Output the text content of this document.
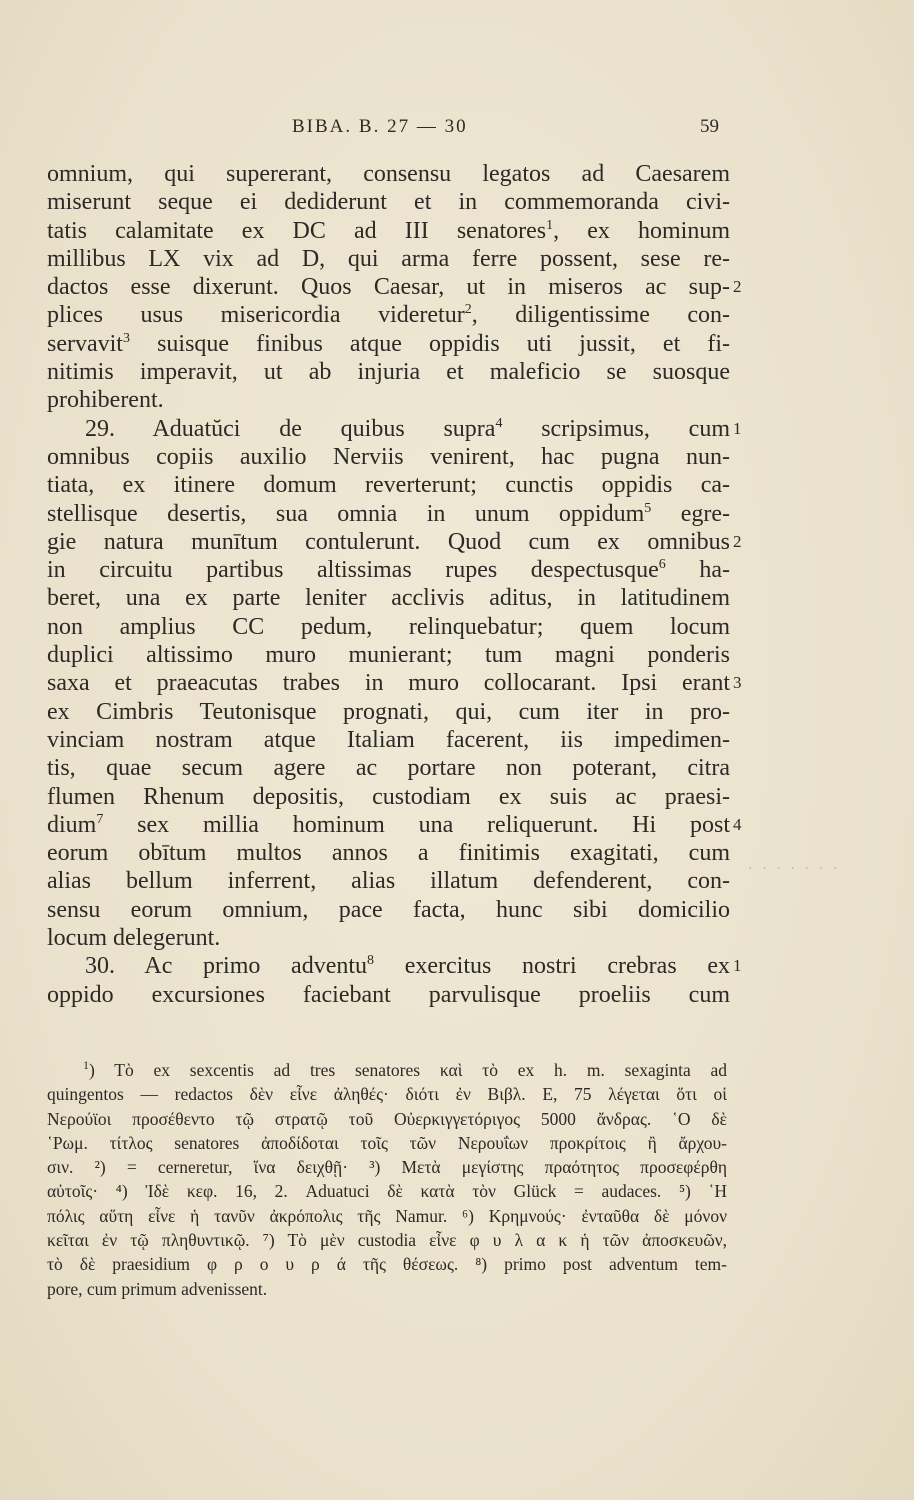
BIBA. B. 27 — 30	59
omnium, qui supererant, consensu legatos ad Caesarem
miserunt seque ei dediderunt et in commemoranda civi-
tatis calamitate ex DC ad III senatores$^1$, ex hominum
millibus LX vix ad D, qui arma ferre possent, sese re-
dactos esse dixerunt. Quos Caesar, ut in miseros ac sup- 2
plices usus misericordia videretur$^2$, diligentissime con-
servavit$^3$ suisque finibus atque oppidis uti jussit, et fi-
nitimis imperavit, ut ab injuria et maleficio se suosque
prohiberent.
29. Aduatŭci de quibus supra$^4$ scripsimus, cum 1
omnibus copiis auxilio Nerviis venirent, hac pugna nun-
tiata, ex itinere domum reverterunt; cunctis oppidis ca-
stellisque desertis, sua omnia in unum oppidum$^5$ egre-
gie natura munītum contulerunt. Quod cum ex omnibus 2
in circuitu partibus altissimas rupes despectusque$^6$ ha-
beret, una ex parte leniter acclivis aditus, in latitudinem
non amplius CC pedum, relinquebatur; quem locum
duplici altissimo muro munierant; tum magni ponderis
saxa et praeacutas trabes in muro collocarant. Ipsi erant 3
ex Cimbris Teutonisque prognati, qui, cum iter in pro-
vinciam nostram atque Italiam facerent, iis impedimen-
tis, quae secum agere ac portare non poterant, citra
flumen Rhenum depositis, custodiam ex suis ac praesi-
dium$^7$ sex millia hominum una reliquerunt. Hi post 4
eorum obītum multos annos a finitimis exagitati, cum
alias bellum inferrent, alias illatum defenderent, con-
sensu eorum omnium, pace facta, hunc sibi domicilio
locum delegerunt.
30. Ac primo adventu$^8$ exercitus nostri crebras ex 1
oppido excursiones faciebant parvulisque proeliis cum
$^1$) Τὸ ex sexcentis ad tres senatores καὶ τὸ ex h. m. sexaginta ad
quingentos — redactos δὲν εἶνε ἀληθές· διότι ἐν Βιβλ. E, 75 λέγεται ὅτι οἱ
Νερούϊοι προσέθεντο τῷ στρατῷ τοῦ Οὐερκιγγετόριγος 5000 ἄνδρας. ῾Ο δὲ
῾Ρωμ. τίτλος senatores ἀποδίδοται τοῖς τῶν Νερουΐων προκρίτοις ἢ ἄρχου-
σιν. ²) = cerneretur, ἵνα δειχθῇ· ³) Μετὰ μεγίστης πραότητος προσεφέρθη
αὐτοῖς· ⁴) Ἰδὲ κεφ. 16, 2. Aduatuci δὲ κατὰ τὸν Glück = audaces. ⁵) ῾Η
πόλις αὕτη εἶνε ἡ τανῦν ἀκρόπολις τῆς Namur. ⁶) Κρημνούς· ἐνταῦθα δὲ μόνον
κεῖται ἐν τῷ πληθυντικῷ. ⁷) Τὸ μὲν custodia εἶνε φ υ λ α κ ἡ τῶν ἀποσκευῶν,
τὸ δὲ praesidium φ ρ ο υ ρ ά τῆς θέσεως. ⁸) primo post adventum tem-
pore, cum primum advenissent.
· · · · · · ·
